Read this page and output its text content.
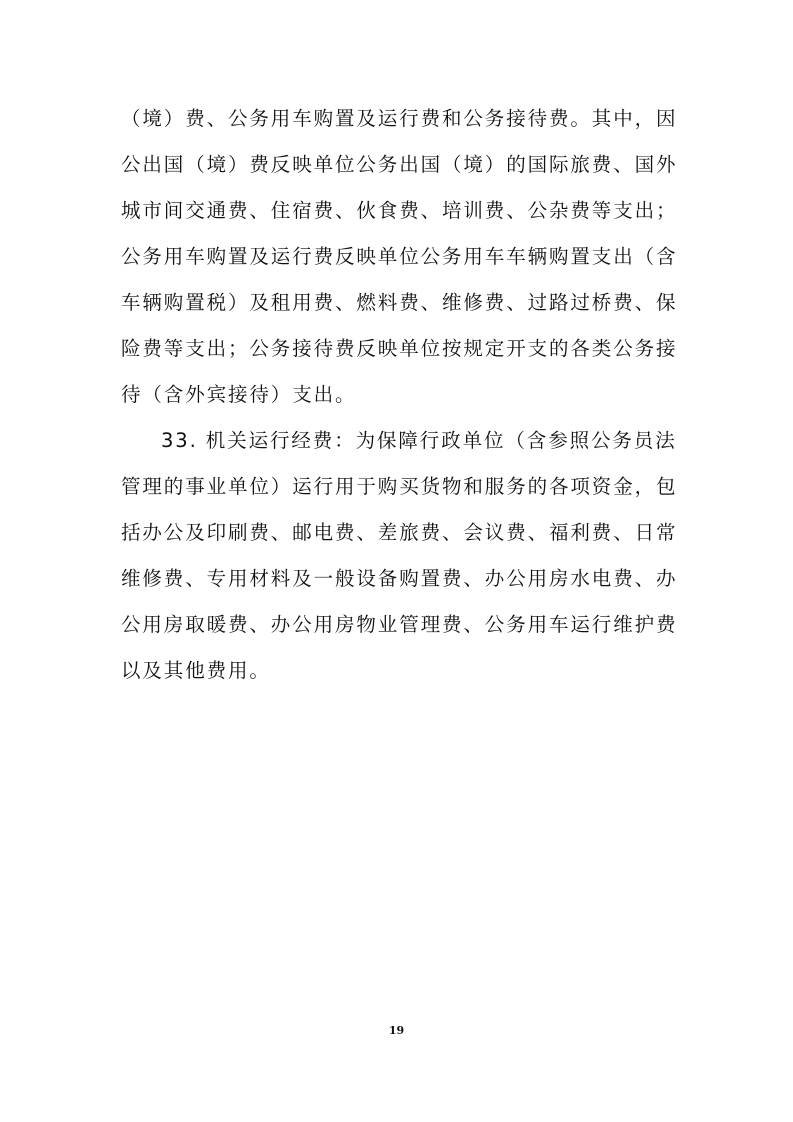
（境）费、公务用车购置及运行费和公务接待费。其中，因
公出国（境）费反映单位公务出国（境）的国际旅费、国外
城市间交通费、住宿费、伙食费、培训费、公杂费等支出；
公务用车购置及运行费反映单位公务用车车辆购置支出（含
车辆购置税）及租用费、燃料费、维修费、过路过桥费、保
险费等支出；公务接待费反映单位按规定开支的各类公务接
待（含外宾接待）支出。
33. 机关运行经费：为保障行政单位（含参照公务员法
管理的事业单位）运行用于购买货物和服务的各项资金，包
括办公及印刷费、邮电费、差旅费、会议费、福利费、日常
维修费、专用材料及一般设备购置费、办公用房水电费、办
公用房取暖费、办公用房物业管理费、公务用车运行维护费
以及其他费用。
19
